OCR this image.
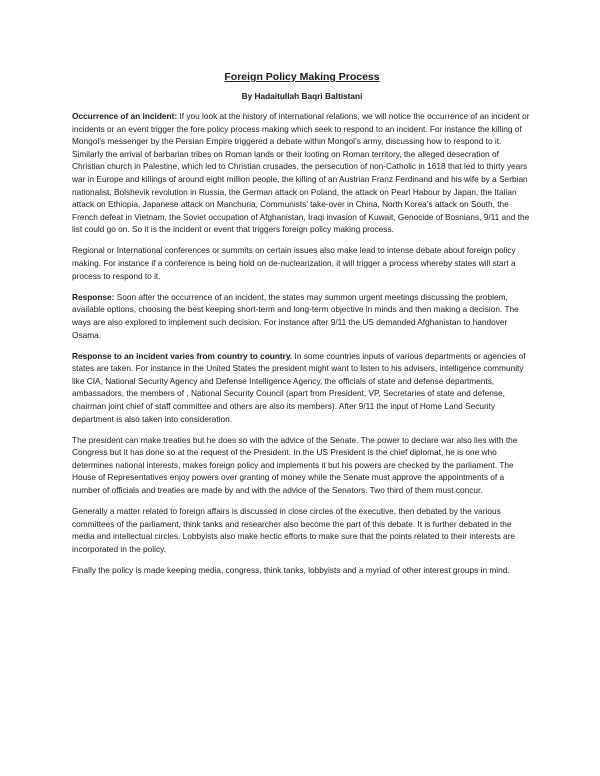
Foreign Policy Making Process
By Hadaitullah Baqri Baltistani

Occurrence of an incident: If you look at the history of international relations, we will notice the occurrence of an incident or incidents or an event trigger the fore policy process making which seek to respond to an incident. For instance the killing of Mongol’s messenger by the Persian Empire triggered a debate within Mongol’s army, discussing how to respond to it. Similarly the arrival of barbarian tribes on Roman lands or their looting on Roman territory, the alleged desecration of Christian church in Palestine, which led to Christian crusades, the persecution of non-Catholic in 1618 that led to thirty years war in Europe and killings of around eight million people, the killing of an Austrian Franz Ferdinand and his wife by a Serbian nationalist, Bolshevik revolution in Russia, the German attack on Poland, the attack on Pearl Habour by Japan, the Italian attack on Ethiopia, Japanese attack on Manchuria, Communists’ take-over in China, North Korea’s attack on South, the French defeat in Vietnam, the Soviet occupation of Afghanistan, Iraqi invasion of Kuwait, Genocide of Bosnians, 9/11 and the list could go on. So it is the incident or event that triggers foreign policy making process.

Regional or International conferences or summits on certain issues also make lead to intense debate about foreign policy making. For instance if a conference is being hold on de-nuclearization, it will trigger a process whereby states will start a process to respond to it.

Response: Soon after the occurrence of an incident, the states may summon urgent meetings discussing the problem, available options, choosing the best keeping short-term and long-term objective in minds and then making a decision. The ways are also explored to implement such decision. For instance after 9/11 the US demanded Afghanistan to handover Osama.

Response to an incident varies from country to country. In some countries inputs of various departments or agencies of states are taken. For instance in the United States the president might want to listen to his advisers, intelligence community like CIA, National Security Agency and Defense Intelligence Agency, the officials of state and defense departments, ambassadors, the members of , National Security Council (apart from President, VP, Secretaries of state and defense, chairman joint chief of staff committee and others are also its members). After 9/11 the input of Home Land Security department is also taken into consideration.

The president can make treaties but he does so with the advice of the Senate. The power to declare war also lies with the Congress but it has done so at the request of the President. In the US President is the chief diplomat, he is one who determines national interests, makes foreign policy and implements it but his powers are checked by the parliament. The House of Representatives enjoy powers over granting of money while the Senate must approve the appointments of a number of officials and treaties are made by and with the advice of the Senators. Two third of them must concur.

Generally a matter related to foreign affairs is discussed in close circles of the executive, then debated by the various committees of the parliament, think tanks and researcher also become the part of this debate. It is further debated in the media and intellectual circles. Lobbyists also make hectic efforts to make sure that the points related to their interests are incorporated in the policy.

Finally the policy is made keeping media, congress, think tanks, lobbyists and a myriad of other interest groups in mind.
